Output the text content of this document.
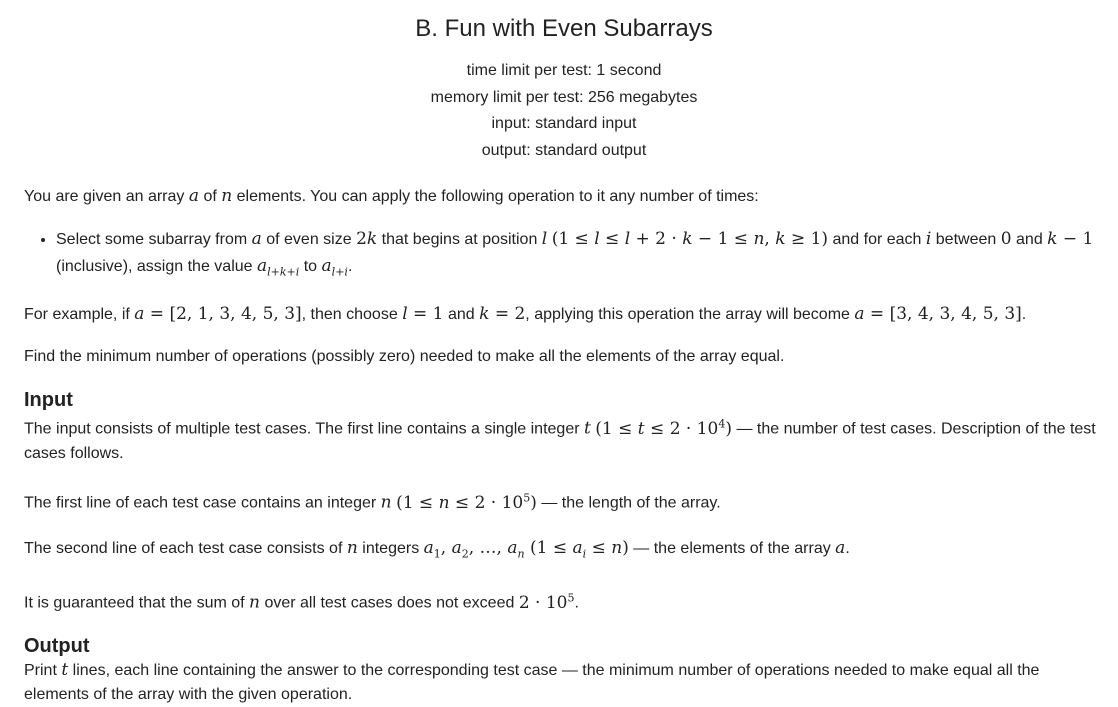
B. Fun with Even Subarrays
time limit per test: 1 second
memory limit per test: 256 megabytes
input: standard input
output: standard output

You are given an array a of n elements. You can apply the following operation to it any number of times:

• Select some subarray from a of even size 2k that begins at position l (1 ≤ l ≤ l + 2 · k − 1 ≤ n, k ≥ 1) and for each i between 0 and k − 1 (inclusive), assign the value $a_{l+k+i}$ to $a_{l+i}$.

For example, if a = [2, 1, 3, 4, 5, 3], then choose l = 1 and k = 2, applying this operation the array will become a = [3, 4, 3, 4, 5, 3].

Find the minimum number of operations (possibly zero) needed to make all the elements of the array equal.

Input

The input consists of multiple test cases. The first line contains a single integer t $(1 \le t \le 2 \cdot 10^4)$ — the number of test cases. Description of the test cases follows.

The first line of each test case contains an integer n $(1 \le n \le 2 \cdot 10^5)$ — the length of the array.

The second line of each test case consists of n integers $a_1$, $a_2$, …, $a_n$ $(1 \le a_i \le n)$ — the elements of the array a.

It is guaranteed that the sum of n over all test cases does not exceed $2 \cdot 10^5$.

Output

Print t lines, each line containing the answer to the corresponding test case — the minimum number of operations needed to make equal all the elements of the array with the given operation.
